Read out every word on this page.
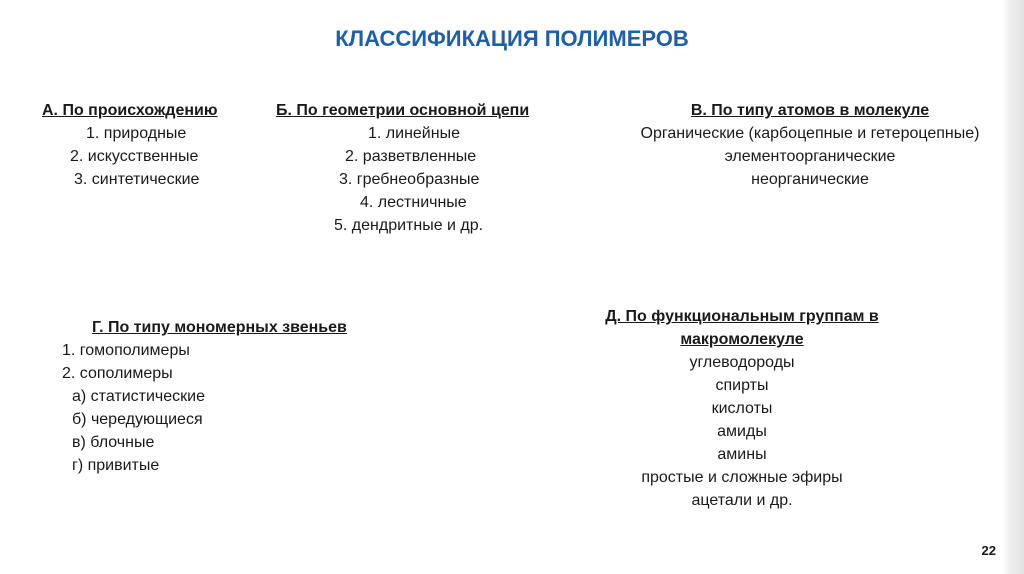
КЛАССИФИКАЦИЯ ПОЛИМЕРОВ
А. По происхождению
1. природные
2. искусственные
3. синтетические
Б. По геометрии основной цепи
1. линейные
2. разветвленные
3. гребнеобразные
4. лестничные
5. дендритные и др.
В. По типу атомов в молекуле
Органические (карбоцепные и гетероцепные)
элементоорганические
неорганические
Г. По типу мономерных звеньев
1. гомополимеры
2. сополимеры
а) статистические
б) чередующиеся
в) блочные
г) привитые
Д. По функциональным группам в
макромолекуле
углеводороды
спирты
кислоты
амиды
амины
простые и сложные эфиры
ацетали и др.
22
